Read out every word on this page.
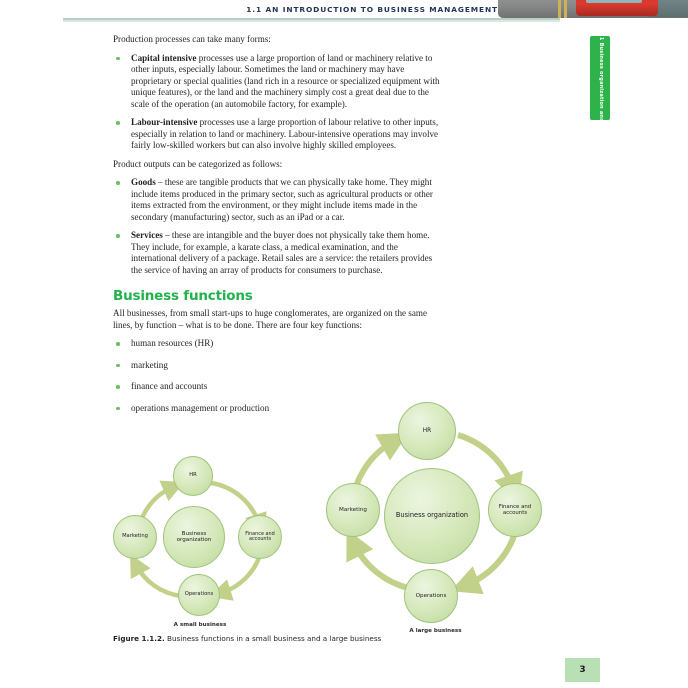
1.1 AN INTRODUCTION TO BUSINESS MANAGEMENT
1 Business organization and environment

Production processes can take many forms:

Capital intensive processes use a large proportion of land or machinery relative to other inputs, especially labour. Sometimes the land or machinery may have proprietary or special qualities (land rich in a resource or specialized equipment with unique features), or the land and the machinery simply cost a great deal due to the scale of the operation (an automobile factory, for example).
Labour-intensive processes use a large proportion of labour relative to other inputs, especially in relation to land or machinery. Labour-intensive operations may involve fairly low-skilled workers but can also involve highly skilled employees.

Product outputs can be categorized as follows:

Goods – these are tangible products that we can physically take home. They might include items produced in the primary sector, such as agricultural products or other items extracted from the environment, or they might include items made in the secondary (manufacturing) sector, such as an iPad or a car.
Services – these are intangible and the buyer does not physically take them home. They include, for example, a karate class, a medical examination, and the international delivery of a package. Retail sales are a service: the retailers provides the service of having an array of products for consumers to purchase.
Business functions

All businesses, from small start-ups to huge conglomerates, are organized on the same lines, by function – what is to be done. There are four key functions:

human resources (HR)
marketing
finance and accounts
operations management or production
Business organization
HR
Finance and accounts
Operations
Marketing
A small business
Business organization
HR
Finance and accounts
Operations
Marketing
A large business
Figure 1.1.2. Business functions in a small business and a large business
3
